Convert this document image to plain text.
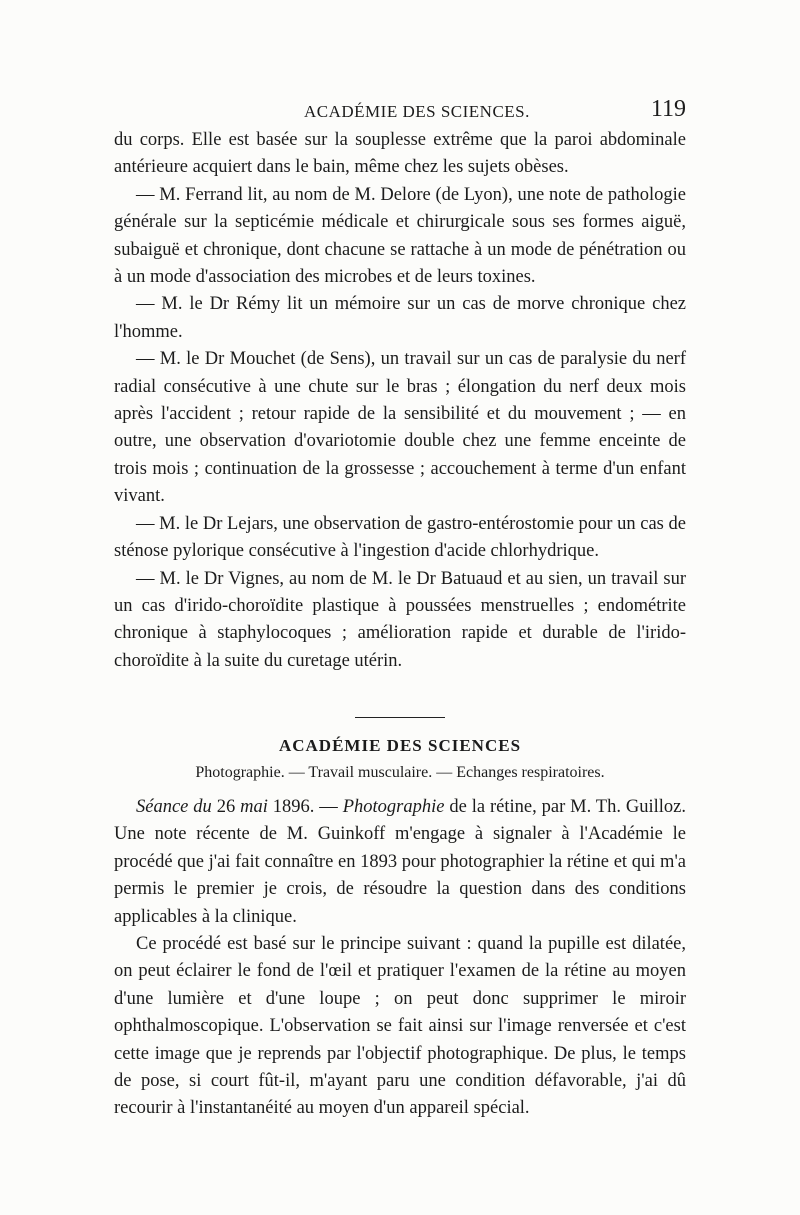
ACADÉMIE DES SCIENCES.	119

du corps. Elle est basée sur la souplesse extrême que la paroi abdominale antérieure acquiert dans le bain, même chez les sujets obèses.

— M. Ferrand lit, au nom de M. Delore (de Lyon), une note de pathologie générale sur la septicémie médicale et chirurgicale sous ses formes aiguë, subaiguë et chronique, dont chacune se rattache à un mode de pénétration ou à un mode d'association des microbes et de leurs toxines.

— M. le Dr Rémy lit un mémoire sur un cas de morve chronique chez l'homme.

— M. le Dr Mouchet (de Sens), un travail sur un cas de paralysie du nerf radial consécutive à une chute sur le bras ; élongation du nerf deux mois après l'accident ; retour rapide de la sensibilité et du mouvement ; — en outre, une observation d'ovariotomie double chez une femme enceinte de trois mois ; continuation de la grossesse ; accouchement à terme d'un enfant vivant.

— M. le Dr Lejars, une observation de gastro-entérostomie pour un cas de sténose pylorique consécutive à l'ingestion d'acide chlorhydrique.

— M. le Dr Vignes, au nom de M. le Dr Batuaud et au sien, un travail sur un cas d'irido-choroïdite plastique à poussées menstruelles ; endométrite chronique à staphylocoques ; amélioration rapide et durable de l'irido-choroïdite à la suite du curetage utérin.

ACADÉMIE DES SCIENCES
Photographie. — Travail musculaire. — Echanges respiratoires.

Séance du 26 mai 1896. — Photographie de la rétine, par M. Th. Guilloz. Une note récente de M. Guinkoff m'engage à signaler à l'Académie le procédé que j'ai fait connaître en 1893 pour photographier la rétine et qui m'a permis le premier je crois, de résoudre la question dans des conditions applicables à la clinique.

Ce procédé est basé sur le principe suivant : quand la pupille est dilatée, on peut éclairer le fond de l'œil et pratiquer l'examen de la rétine au moyen d'une lumière et d'une loupe ; on peut donc supprimer le miroir ophthalmoscopique. L'observation se fait ainsi sur l'image renversée et c'est cette image que je reprends par l'objectif photographique. De plus, le temps de pose, si court fût-il, m'ayant paru une condition défavorable, j'ai dû recourir à l'instantanéité au moyen d'un appareil spécial.
